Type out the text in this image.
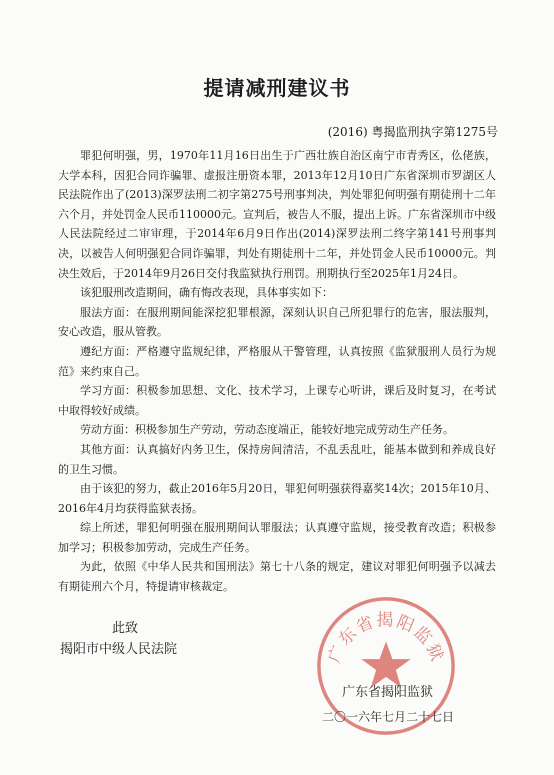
提请减刑建议书
(2016) 粤揭监刑执字第1275号

罪犯何明强，男，1970年11月16日出生于广西壮族自治区南宁市青秀区，仫佬族，大学本科，因犯合同诈骗罪、虚报注册资本罪，2013年12月10日广东省深圳市罗湖区人民法院作出了(2013)深罗法刑二初字第275号刑事判决，判处罪犯何明强有期徒刑十二年六个月，并处罚金人民币110000元。宣判后，被告人不服，提出上诉。广东省深圳市中级人民法院经过二审审理，于2014年6月9日作出(2014)深罗法刑二终字第141号刑事判决，以被告人何明强犯合同诈骗罪，判处有期徒刑十二年，并处罚金人民币10000元。判决生效后，于2014年9月26日交付我监狱执行刑罚。刑期执行至2025年1月24日。

该犯服刑改造期间，确有悔改表现，具体事实如下：

服法方面：在服刑期间能深挖犯罪根源，深刻认识自己所犯罪行的危害，服法服判，安心改造，服从管教。

遵纪方面：严格遵守监规纪律，严格服从干警管理，认真按照《监狱服刑人员行为规范》来约束自己。

学习方面：积极参加思想、文化、技术学习，上课专心听讲，课后及时复习，在考试中取得较好成绩。

劳动方面：积极参加生产劳动，劳动态度端正，能较好地完成劳动生产任务。

其他方面：认真搞好内务卫生，保持房间清洁，不乱丢乱吐，能基本做到和养成良好的卫生习惯。

由于该犯的努力，截止2016年5月20日，罪犯何明强获得嘉奖14次；2015年10月、2016年4月均获得监狱表扬。

综上所述，罪犯何明强在服刑期间认罪服法；认真遵守监规，接受教育改造；积极参加学习；积极参加劳动，完成生产任务。

为此，依照《中华人民共和国刑法》第七十八条的规定，建议对罪犯何明强予以减去有期徒刑六个月，特提请审核裁定。

此致
揭阳市中级人民法院	广东省揭阳监狱
广东省揭阳监狱
二〇一六年七月二十七日
